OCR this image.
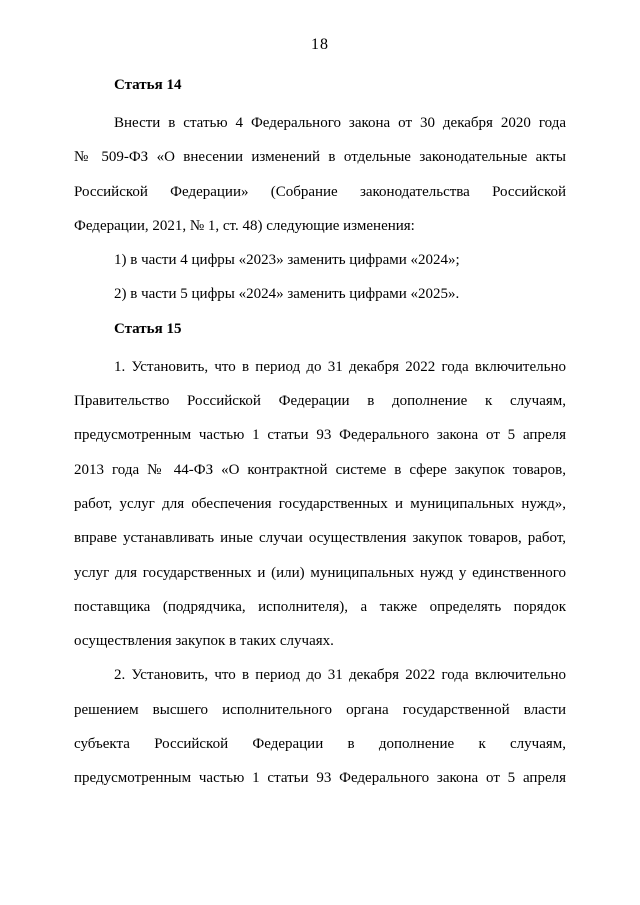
18
Статья 14
Внести в статью 4 Федерального закона от 30 декабря 2020 года
№ 509-ФЗ «О внесении изменений в отдельные законодательные акты
Российской Федерации» (Собрание законодательства Российской
Федерации, 2021, № 1, ст. 48) следующие изменения:
1) в части 4 цифры «2023» заменить цифрами «2024»;
2) в части 5 цифры «2024» заменить цифрами «2025».
Статья 15
1. Установить, что в период до 31 декабря 2022 года включительно
Правительство Российской Федерации в дополнение к случаям,
предусмотренным частью 1 статьи 93 Федерального закона от 5 апреля
2013 года № 44-ФЗ «О контрактной системе в сфере закупок товаров,
работ, услуг для обеспечения государственных и муниципальных нужд»,
вправе устанавливать иные случаи осуществления закупок товаров, работ,
услуг для государственных и (или) муниципальных нужд у единственного
поставщика (подрядчика, исполнителя), а также определять порядок
осуществления закупок в таких случаях.
2. Установить, что в период до 31 декабря 2022 года включительно
решением высшего исполнительного органа государственной власти
субъекта Российской Федерации в дополнение к случаям,
предусмотренным частью 1 статьи 93 Федерального закона от 5 апреля
